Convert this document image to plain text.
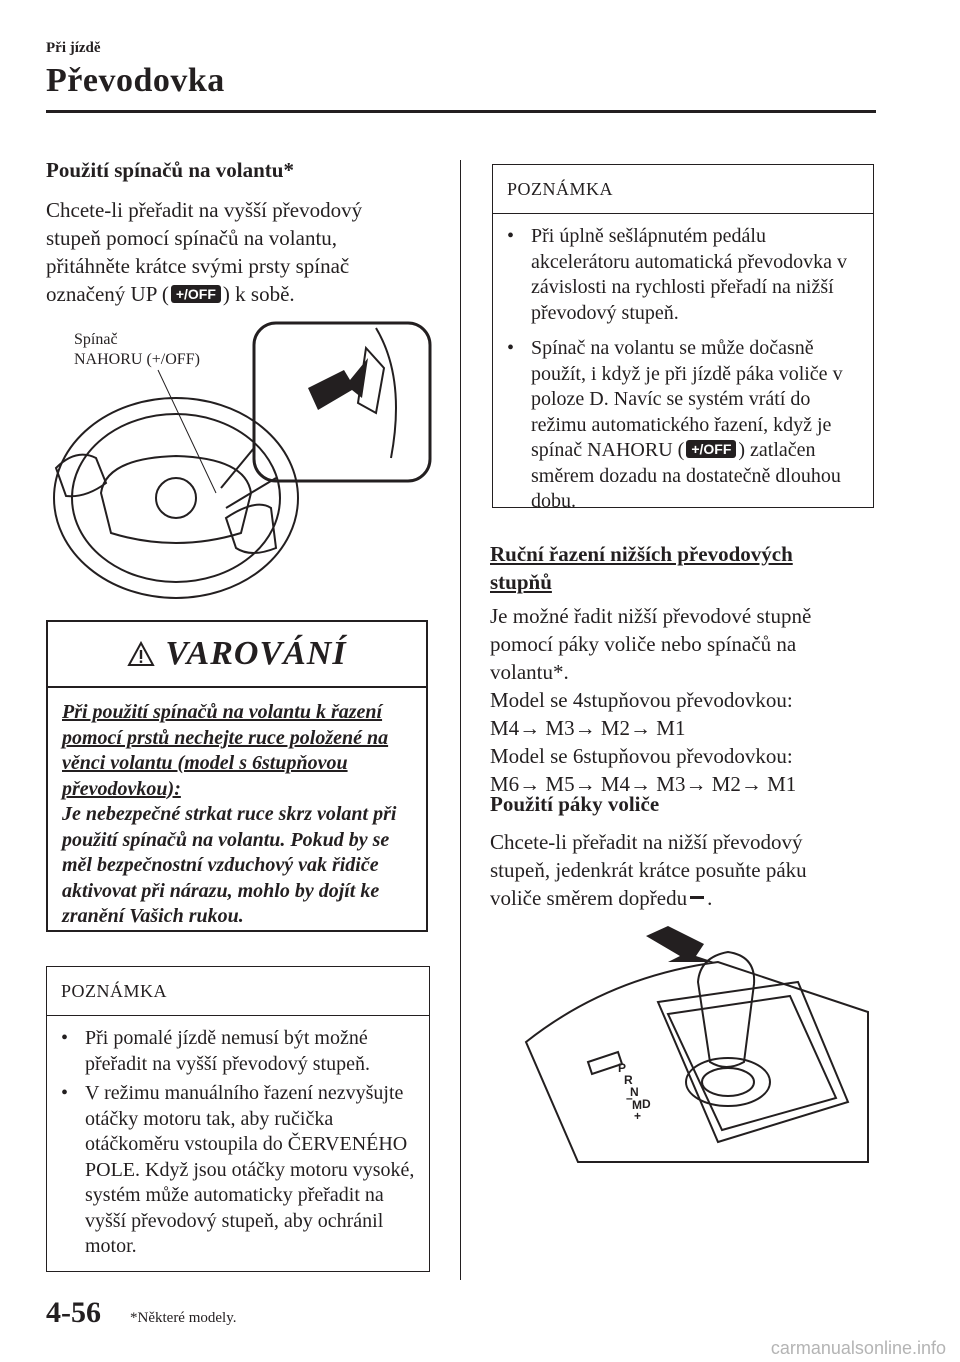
Při jízdě
Převodovka
Použití spínačů na volantu*
Chcete-li přeřadit na vyšší převodový stupeň pomocí spínačů na volantu, přitáhněte krátce svými prsty spínač označený UP ( +/OFF ) k sobě.
Spínač
NAHORU (+/OFF)
VAROVÁNÍ
Při použití spínačů na volantu k řazení pomocí prstů nechejte ruce položené na věnci volantu (model s 6stupňovou převodovkou):
Je nebezpečné strkat ruce skrz volant při použití spínačů na volantu. Pokud by se měl bezpečnostní vzduchový vak řidiče aktivovat při nárazu, mohlo by dojít ke zranění Vašich rukou.
POZNÁMKA
• Při pomalé jízdě nemusí být možné přeřadit na vyšší převodový stupeň.
• V režimu manuálního řazení nezvyšujte otáčky motoru tak, aby ručička otáčkoměru vstoupila do ČERVENÉHO POLE. Když jsou otáčky motoru vysoké, systém může automaticky přeřadit na vyšší převodový stupeň, aby ochránil motor.
POZNÁMKA
• Při úplně sešlápnutém pedálu akcelerátoru automatická převodovka v závislosti na rychlosti přeřadí na nižší převodový stupeň.
• Spínač na volantu se může dočasně použít, i když je při jízdě páka voliče v poloze D. Navíc se systém vrátí do režimu automatického řazení, když je spínač NAHORU ( +/OFF ) zatlačen směrem dozadu na dostatečně dlouhou dobu.
Ruční řazení nižších převodových stupňů
Je možné řadit nižší převodové stupně pomocí páky voliče nebo spínačů na volantu*.
Model se 4stupňovou převodovkou:
M4→ M3→ M2→ M1
Model se 6stupňovou převodovkou:
M6→ M5→ M4→ M3→ M2→ M1
Použití páky voliče
Chcete-li přeřadit na nižší převodový stupeň, jedenkrát krátce posuňte páku voliče směrem dopředu .
P
R
N
D
M
–
+
4-56 *Některé modely.
carmanualsonline.info
